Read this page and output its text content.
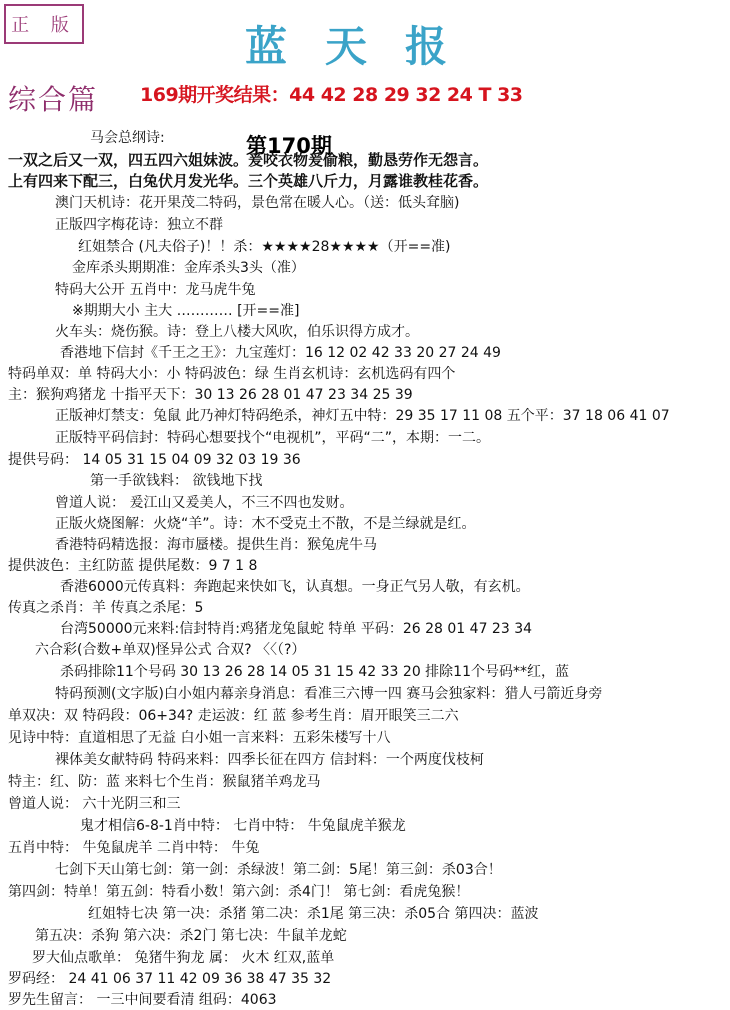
正 版	蓝天报
综合篇 169期开奖结果：44 42 28 29 32 24 T 33
第170期
马会总纲诗:
一双之后又一双，四五四六姐妹波。爰咬衣物爰偷粮，勤恳劳作无怨言。
上有四来下配三，白兔伏月发光华。三个英雄八斤力，月露谁教桂花香。
澳门天机诗：花开果茂二特码，景色常在暖人心。（送：低头耷脑)
正版四字梅花诗：独立不群
红姐禁合 (凡夫俗子)！！杀：★★★★28★★★★（开==准)
金库杀头期期准：金库杀头3头（准）
特码大公开 五肖中：龙马虎牛兔
※期期大小 主大 ………… [开==准]
火车头：烧伤猴。诗：登上八楼大风吹，伯乐识得方成才。
香港地下信封《千王之王》：九宝莲灯：16 12 02 42 33 20 27 24 49
特码单双：单 特码大小：小 特码波色：绿 生肖玄机诗：玄机选码有四个
主：猴狗鸡猪龙 十指平天下：30 13 26 28 01 47 23 34 25 39
正版神灯禁支：兔鼠 此乃神灯特码绝杀，神灯五中特：29 35 17 11 08 五个平：37 18 06 41 07
正版特平码信封：特码心想要找个“电视机”，平码“二”，本期：一二。
提供号码： 14 05 31 15 04 09 32 03 19 36
第一手欲钱料： 欲钱地下找
曾道人说： 爰江山又爰美人，不三不四也发财。
正版火烧图解：火烧“羊”。诗：木不受克土不散，不是兰绿就是红。
香港特码精选报：海市蜃楼。提供生肖：猴兔虎牛马
提供波色：主红防蓝 提供尾数：9 7 1 8
香港6000元传真料：奔跑起来快如飞，认真想。一身正气另人敬，有玄机。
传真之杀肖：羊 传真之杀尾：5
台湾50000元来料:信封特肖:鸡猪龙兔鼠蛇 特单 平码：26 28 01 47 23 34
六合彩(合数+单双)怪异公式 合双? 〈〈（?）
杀码排除11个号码 30 13 26 28 14 05 31 15 42 33 20 排除11个号码**红，蓝
特码预测(文字版)白小姐内幕亲身消息：看准三六博一四 赛马会独家料：猎人弓箭近身旁
单双决：双 特码段：06+34? 走运波：红 蓝 参考生肖：眉开眼笑三二六
见诗中特：直道相思了无益 白小姐一言来料：五彩朱楼写十八
裸体美女献特码 特码来料：四季长征在四方 信封料：一个两度伐枝柯
特主：红、防：蓝 来料七个生肖：猴鼠猪羊鸡龙马
曾道人说： 六十光阴三和三
鬼才相信6-8-1肖中特： 七肖中特： 牛兔鼠虎羊猴龙
五肖中特： 牛兔鼠虎羊 二肖中特： 牛兔
七剑下天山第七剑：第一剑：杀绿波！第二剑：5尾！第三剑：杀03合！
第四剑：特单！第五剑：特看小数！第六剑：杀4门！ 第七剑：看虎兔猴！
红姐特七决 第一决：杀猪 第二决：杀1尾 第三决：杀05合 第四决：蓝波
第五决：杀狗 第六决：杀2门 第七决：牛鼠羊龙蛇
罗大仙点歌单： 兔猪牛狗龙 属： 火木 红双,蓝单
罗码经： 24 41 06 37 11 42 09 36 38 47 35 32
罗先生留言： 一三中间要看清 组码：4063
